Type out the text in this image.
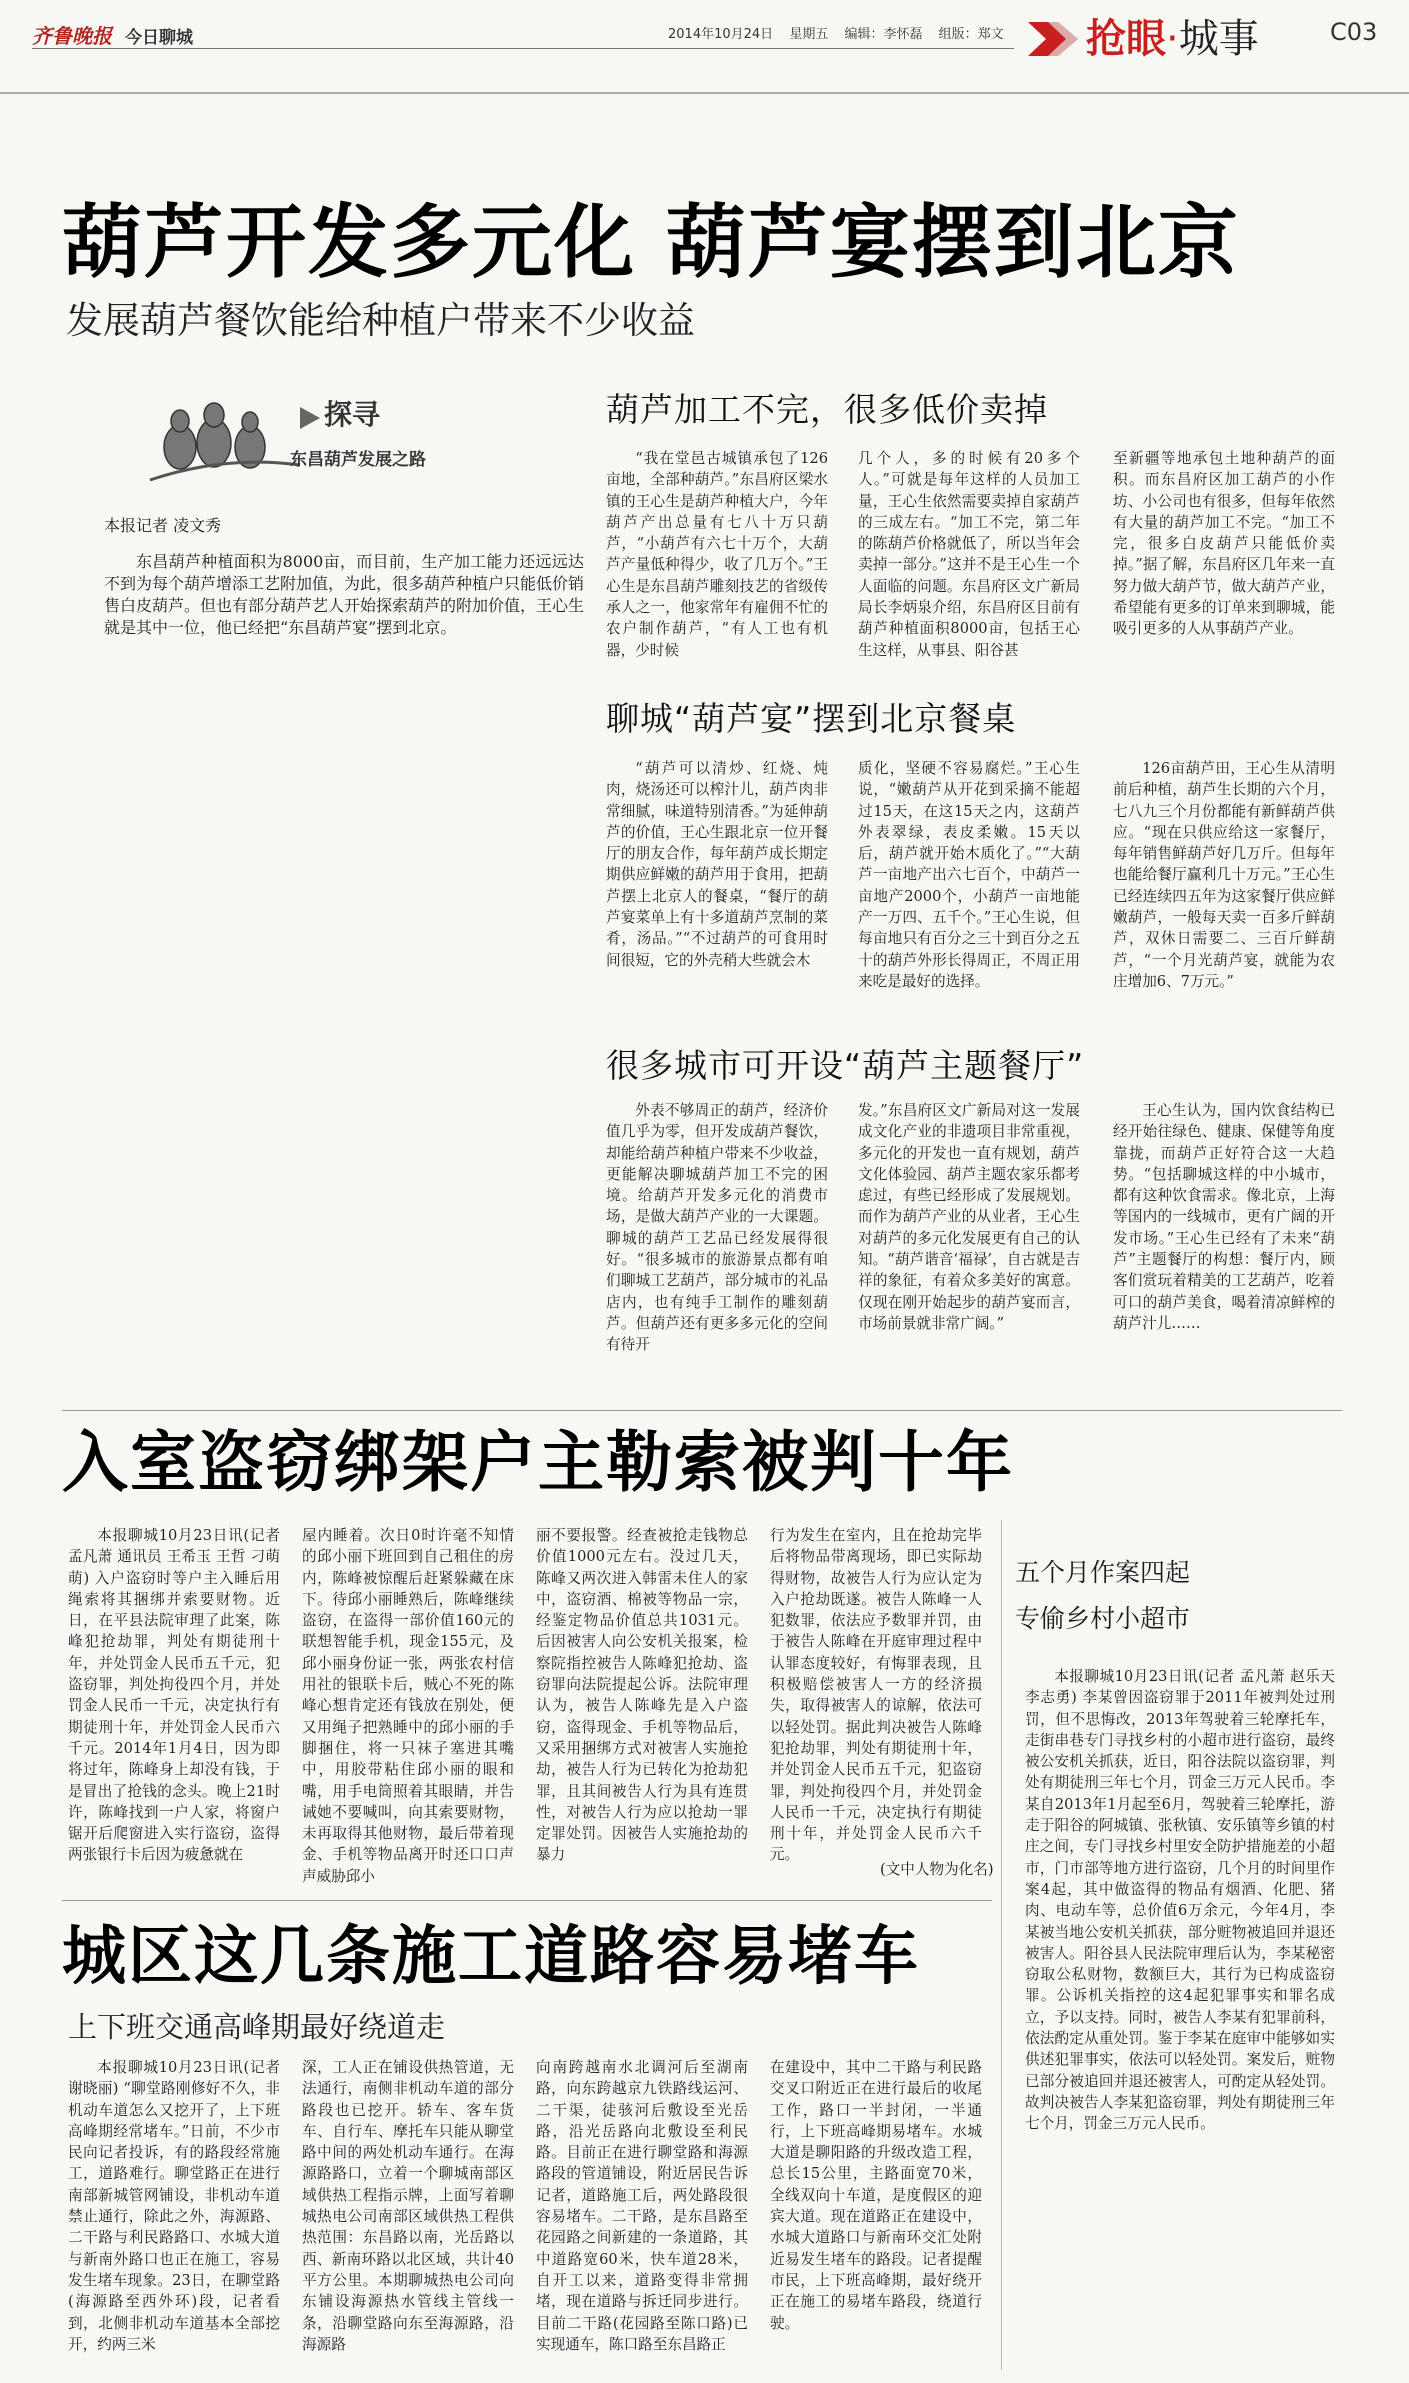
齐鲁晚报 今日聊城	2014年10月24日 星期五 编辑：李怀磊 组版：郑文 抢眼·城事	C03
葫芦开发多元化 葫芦宴摆到北京
发展葫芦餐饮能给种植户带来不少收益
探寻
东昌葫芦发展之路
本报记者 凌文秀
东昌葫芦种植面积为8000亩，而目前，生产加工能力还远远达不到为每个葫芦增添工艺附加值，为此，很多葫芦种植户只能低价销售白皮葫芦。但也有部分葫芦艺人开始探索葫芦的附加价值，王心生就是其中一位，他已经把“东昌葫芦宴”摆到北京。
葫芦加工不完，很多低价卖掉
“我在堂邑古城镇承包了126亩地，全部种葫芦。”东昌府区梁水镇的王心生是葫芦种植大户，今年葫芦产出总量有七八十万只葫芦，“小葫芦有六七十万个，大葫芦产量低种得少，收了几万个。”王心生是东昌葫芦雕刻技艺的省级传承人之一，他家常年有雇佣不忙的农户制作葫芦，“有人工也有机器，少时候
几个人，多的时候有20多个人。”可就是每年这样的人员加工量，王心生依然需要卖掉自家葫芦的三成左右。“加工不完，第二年的陈葫芦价格就低了，所以当年会卖掉一部分。”这并不是王心生一个人面临的问题。东昌府区文广新局局长李炳泉介绍，东昌府区目前有葫芦种植面积8000亩，包括王心生这样，从事县、阳谷甚
至新疆等地承包土地种葫芦的面积。而东昌府区加工葫芦的小作坊、小公司也有很多，但每年依然有大量的葫芦加工不完。“加工不完，很多白皮葫芦只能低价卖掉。”据了解，东昌府区几年来一直努力做大葫芦节，做大葫芦产业，希望能有更多的订单来到聊城，能吸引更多的人从事葫芦产业。
聊城“葫芦宴”摆到北京餐桌
“葫芦可以清炒、红烧、炖肉，烧汤还可以榨汁儿，葫芦肉非常细腻，味道特别清香。”为延伸葫芦的价值，王心生跟北京一位开餐厅的朋友合作，每年葫芦成长期定期供应鲜嫩的葫芦用于食用，把葫芦摆上北京人的餐桌，“餐厅的葫芦宴菜单上有十多道葫芦烹制的菜肴，汤品。”“不过葫芦的可食用时间很短，它的外壳稍大些就会木
质化，坚硬不容易腐烂。”王心生说，“嫩葫芦从开花到采摘不能超过15天，在这15天之内，这葫芦外表翠绿，表皮柔嫩。15天以后，葫芦就开始木质化了。”“大葫芦一亩地产出六七百个，中葫芦一亩地产2000个，小葫芦一亩地能产一万四、五千个。”王心生说，但每亩地只有百分之三十到百分之五十的葫芦外形长得周正，不周正用来吃是最好的选择。
126亩葫芦田，王心生从清明前后种植，葫芦生长期的六个月，七八九三个月份都能有新鲜葫芦供应。“现在只供应给这一家餐厅，每年销售鲜葫芦好几万斤。但每年也能给餐厅赢利几十万元。”王心生已经连续四五年为这家餐厅供应鲜嫩葫芦，一般每天卖一百多斤鲜葫芦，双休日需要二、三百斤鲜葫芦，“一个月光葫芦宴，就能为农庄增加6、7万元。”
很多城市可开设“葫芦主题餐厅”
外表不够周正的葫芦，经济价值几乎为零，但开发成葫芦餐饮，却能给葫芦种植户带来不少收益，更能解决聊城葫芦加工不完的困境。给葫芦开发多元化的消费市场，是做大葫芦产业的一大课题。聊城的葫芦工艺品已经发展得很好。“很多城市的旅游景点都有咱们聊城工艺葫芦，部分城市的礼品店内，也有纯手工制作的雕刻葫芦。但葫芦还有更多多元化的空间有待开
发。”东昌府区文广新局对这一发展成文化产业的非遗项目非常重视，多元化的开发也一直有规划，葫芦文化体验园、葫芦主题农家乐都考虑过，有些已经形成了发展规划。而作为葫芦产业的从业者，王心生对葫芦的多元化发展更有自己的认知。“葫芦谐音‘福禄’，自古就是吉祥的象征，有着众多美好的寓意。仅现在刚开始起步的葫芦宴而言，市场前景就非常广阔。”
王心生认为，国内饮食结构已经开始往绿色、健康、保健等角度靠拢，而葫芦正好符合这一大趋势。“包括聊城这样的中小城市，都有这种饮食需求。像北京，上海等国内的一线城市，更有广阔的开发市场。”王心生已经有了未来“葫芦”主题餐厅的构想：餐厅内，顾客们赏玩着精美的工艺葫芦，吃着可口的葫芦美食，喝着清凉鲜榨的葫芦汁儿……
入室盗窃绑架户主勒索被判十年
本报聊城10月23日讯(记者 孟凡萧 通讯员 王希玉 王哲 刁萌萌) 入户盗窃时等户主入睡后用绳索将其捆绑并索要财物。近日，在平县法院审理了此案，陈峰犯抢劫罪，判处有期徒刑十年，并处罚金人民币五千元，犯盗窃罪，判处拘役四个月，并处罚金人民币一千元，决定执行有期徒刑十年，并处罚金人民币六千元。2014年1月4日，因为即将过年，陈峰身上却没有钱，于是冒出了抢钱的念头。晚上21时许，陈峰找到一户人家，将窗户锯开后爬窗进入实行盗窃，盗得两张银行卡后因为疲惫就在
屋内睡着。次日0时许毫不知情的邱小丽下班回到自己租住的房内，陈峰被惊醒后赶紧躲藏在床下。待邱小丽睡熟后，陈峰继续盗窃，在盗得一部价值160元的联想智能手机，现金155元，及邱小丽身份证一张，两张农村信用社的银联卡后，贼心不死的陈峰心想肯定还有钱放在别处，便又用绳子把熟睡中的邱小丽的手脚捆住，将一只袜子塞进其嘴中，用胶带粘住邱小丽的眼和嘴，用手电筒照着其眼睛，并告诫她不要喊叫，向其索要财物，未再取得其他财物，最后带着现金、手机等物品离开时还口口声声威胁邱小
丽不要报警。经查被抢走钱物总价值1000元左右。没过几天，陈峰又两次进入韩雷未住人的家中，盗窃酒、棉被等物品一宗，经鉴定物品价值总共1031元。后因被害人向公安机关报案，检察院指控被告人陈峰犯抢劫、盗窃罪向法院提起公诉。法院审理认为，被告人陈峰先是入户盗窃，盗得现金、手机等物品后，又采用捆绑方式对被害人实施抢劫，被告人行为已转化为抢劫犯罪，且其间被告人行为具有连贯性，对被告人行为应以抢劫一罪定罪处罚。因被告人实施抢劫的暴力
行为发生在室内，且在抢劫完毕后将物品带离现场，即已实际劫得财物，故被告人行为应认定为入户抢劫既遂。被告人陈峰一人犯数罪，依法应予数罪并罚，由于被告人陈峰在开庭审理过程中认罪态度较好，有悔罪表现，且积极赔偿被害人一方的经济损失，取得被害人的谅解，依法可以轻处罚。据此判决被告人陈峰犯抢劫罪，判处有期徒刑十年，并处罚金人民币五千元，犯盗窃罪，判处拘役四个月，并处罚金人民币一千元，决定执行有期徒刑十年，并处罚金人民币六千元。
(文中人物为化名)
城区这几条施工道路容易堵车
上下班交通高峰期最好绕道走
本报聊城10月23日讯(记者 谢晓丽) “聊堂路刚修好不久，非机动车道怎么又挖开了，上下班高峰期经常堵车。”日前，不少市民向记者投诉，有的路段经常施工，道路难行。聊堂路正在进行南部新城管网铺设，非机动车道禁止通行，除此之外，海源路、二干路与利民路路口、水城大道与新南外路口也正在施工，容易发生堵车现象。23日，在聊堂路(海源路至西外环)段，记者看到，北侧非机动车道基本全部挖开，约两三米
深，工人正在铺设供热管道，无法通行，南侧非机动车道的部分路段也已挖开。轿车、客车货车、自行车、摩托车只能从聊堂路中间的两处机动车通行。在海源路路口，立着一个聊城南部区域供热工程指示牌，上面写着聊城热电公司南部区域供热工程供热范围：东昌路以南，光岳路以西、新南环路以北区域，共计40平方公里。本期聊城热电公司向东铺设海源热水管线主管线一条，沿聊堂路向东至海源路，沿海源路
向南跨越南水北调河后至湖南路，向东跨越京九铁路线运河、二干渠，徒骇河后敷设至光岳路，沿光岳路向北敷设至利民路。目前正在进行聊堂路和海源路段的管道铺设，附近居民告诉记者，道路施工后，两处路段很容易堵车。二干路，是东昌路至花园路之间新建的一条道路，其中道路宽60米，快车道28米，自开工以来，道路变得非常拥堵，现在道路与拆迁同步进行。目前二干路(花园路至陈口路)已实现通车，陈口路至东昌路正
在建设中，其中二干路与利民路交叉口附近正在进行最后的收尾工作，路口一半封闭，一半通行，上下班高峰期易堵车。水城大道是聊阳路的升级改造工程，总长15公里，主路面宽70米，全线双向十车道，是度假区的迎宾大道。现在道路正在建设中，水城大道路口与新南环交汇处附近易发生堵车的路段。记者提醒市民，上下班高峰期，最好绕开正在施工的易堵车路段，绕道行驶。
五个月作案四起
专偷乡村小超市
本报聊城10月23日讯(记者 孟凡萧 赵乐天 李志勇) 李某曾因盗窃罪于2011年被判处过刑罚，但不思悔改，2013年驾驶着三轮摩托车，走街串巷专门寻找乡村的小超市进行盗窃，最终被公安机关抓获，近日，阳谷法院以盗窃罪，判处有期徒刑三年七个月，罚金三万元人民币。李某自2013年1月起至6月，驾驶着三轮摩托，游走于阳谷的阿城镇、张秋镇、安乐镇等乡镇的村庄之间，专门寻找乡村里安全防护措施差的小超市，门市部等地方进行盗窃，几个月的时间里作案4起，其中做盗得的物品有烟酒、化肥、猪肉、电动车等，总价值6万余元，今年4月，李某被当地公安机关抓获，部分赃物被追回并退还被害人。阳谷县人民法院审理后认为，李某秘密窃取公私财物，数额巨大，其行为已构成盗窃罪。公诉机关指控的这4起犯罪事实和罪名成立，予以支持。同时，被告人李某有犯罪前科，依法酌定从重处罚。鉴于李某在庭审中能够如实供述犯罪事实，依法可以轻处罚。案发后，赃物已部分被追回并退还被害人，可酌定从轻处罚。故判决被告人李某犯盗窃罪，判处有期徒刑三年七个月，罚金三万元人民币。
